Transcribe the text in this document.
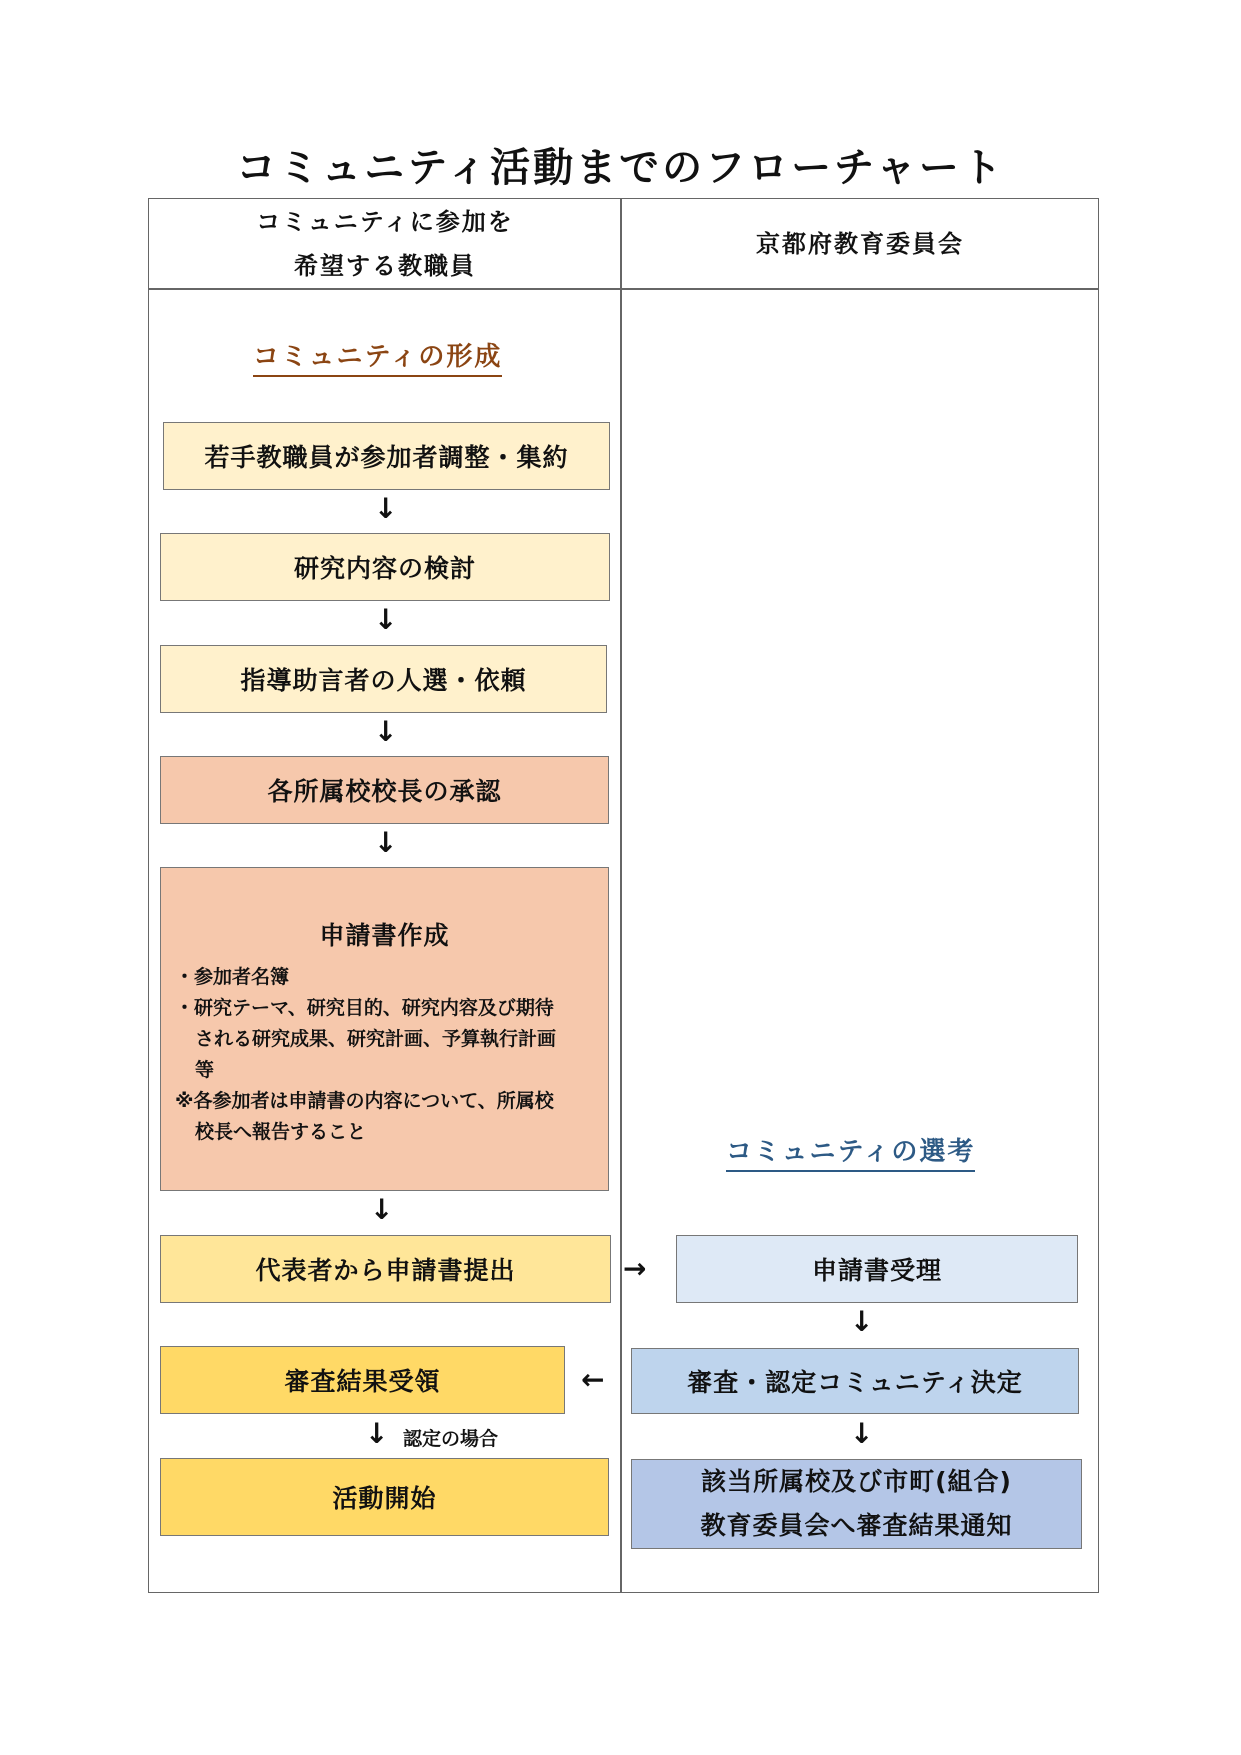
コミュニティ活動までのフローチャート
コミュニティに参加を
希望する教職員
京都府教育委員会
コミュニティの形成
コミュニティの選考
若手教職員が参加者調整・集約
↓
研究内容の検討
↓
指導助言者の人選・依頼
↓
各所属校校長の承認
↓
申請書作成
・参加者名簿
・研究テーマ、研究目的、研究内容及び期待
される研究成果、研究計画、予算執行計画
等
※各参加者は申請書の内容について、所属校
校長へ報告すること
↓
代表者から申請書提出	→
審査結果受領	←
↓ 認定の場合
活動開始
申請書受理
↓
審査・認定コミュニティ決定
↓
該当所属校及び市町(組合)
教育委員会へ審査結果通知
